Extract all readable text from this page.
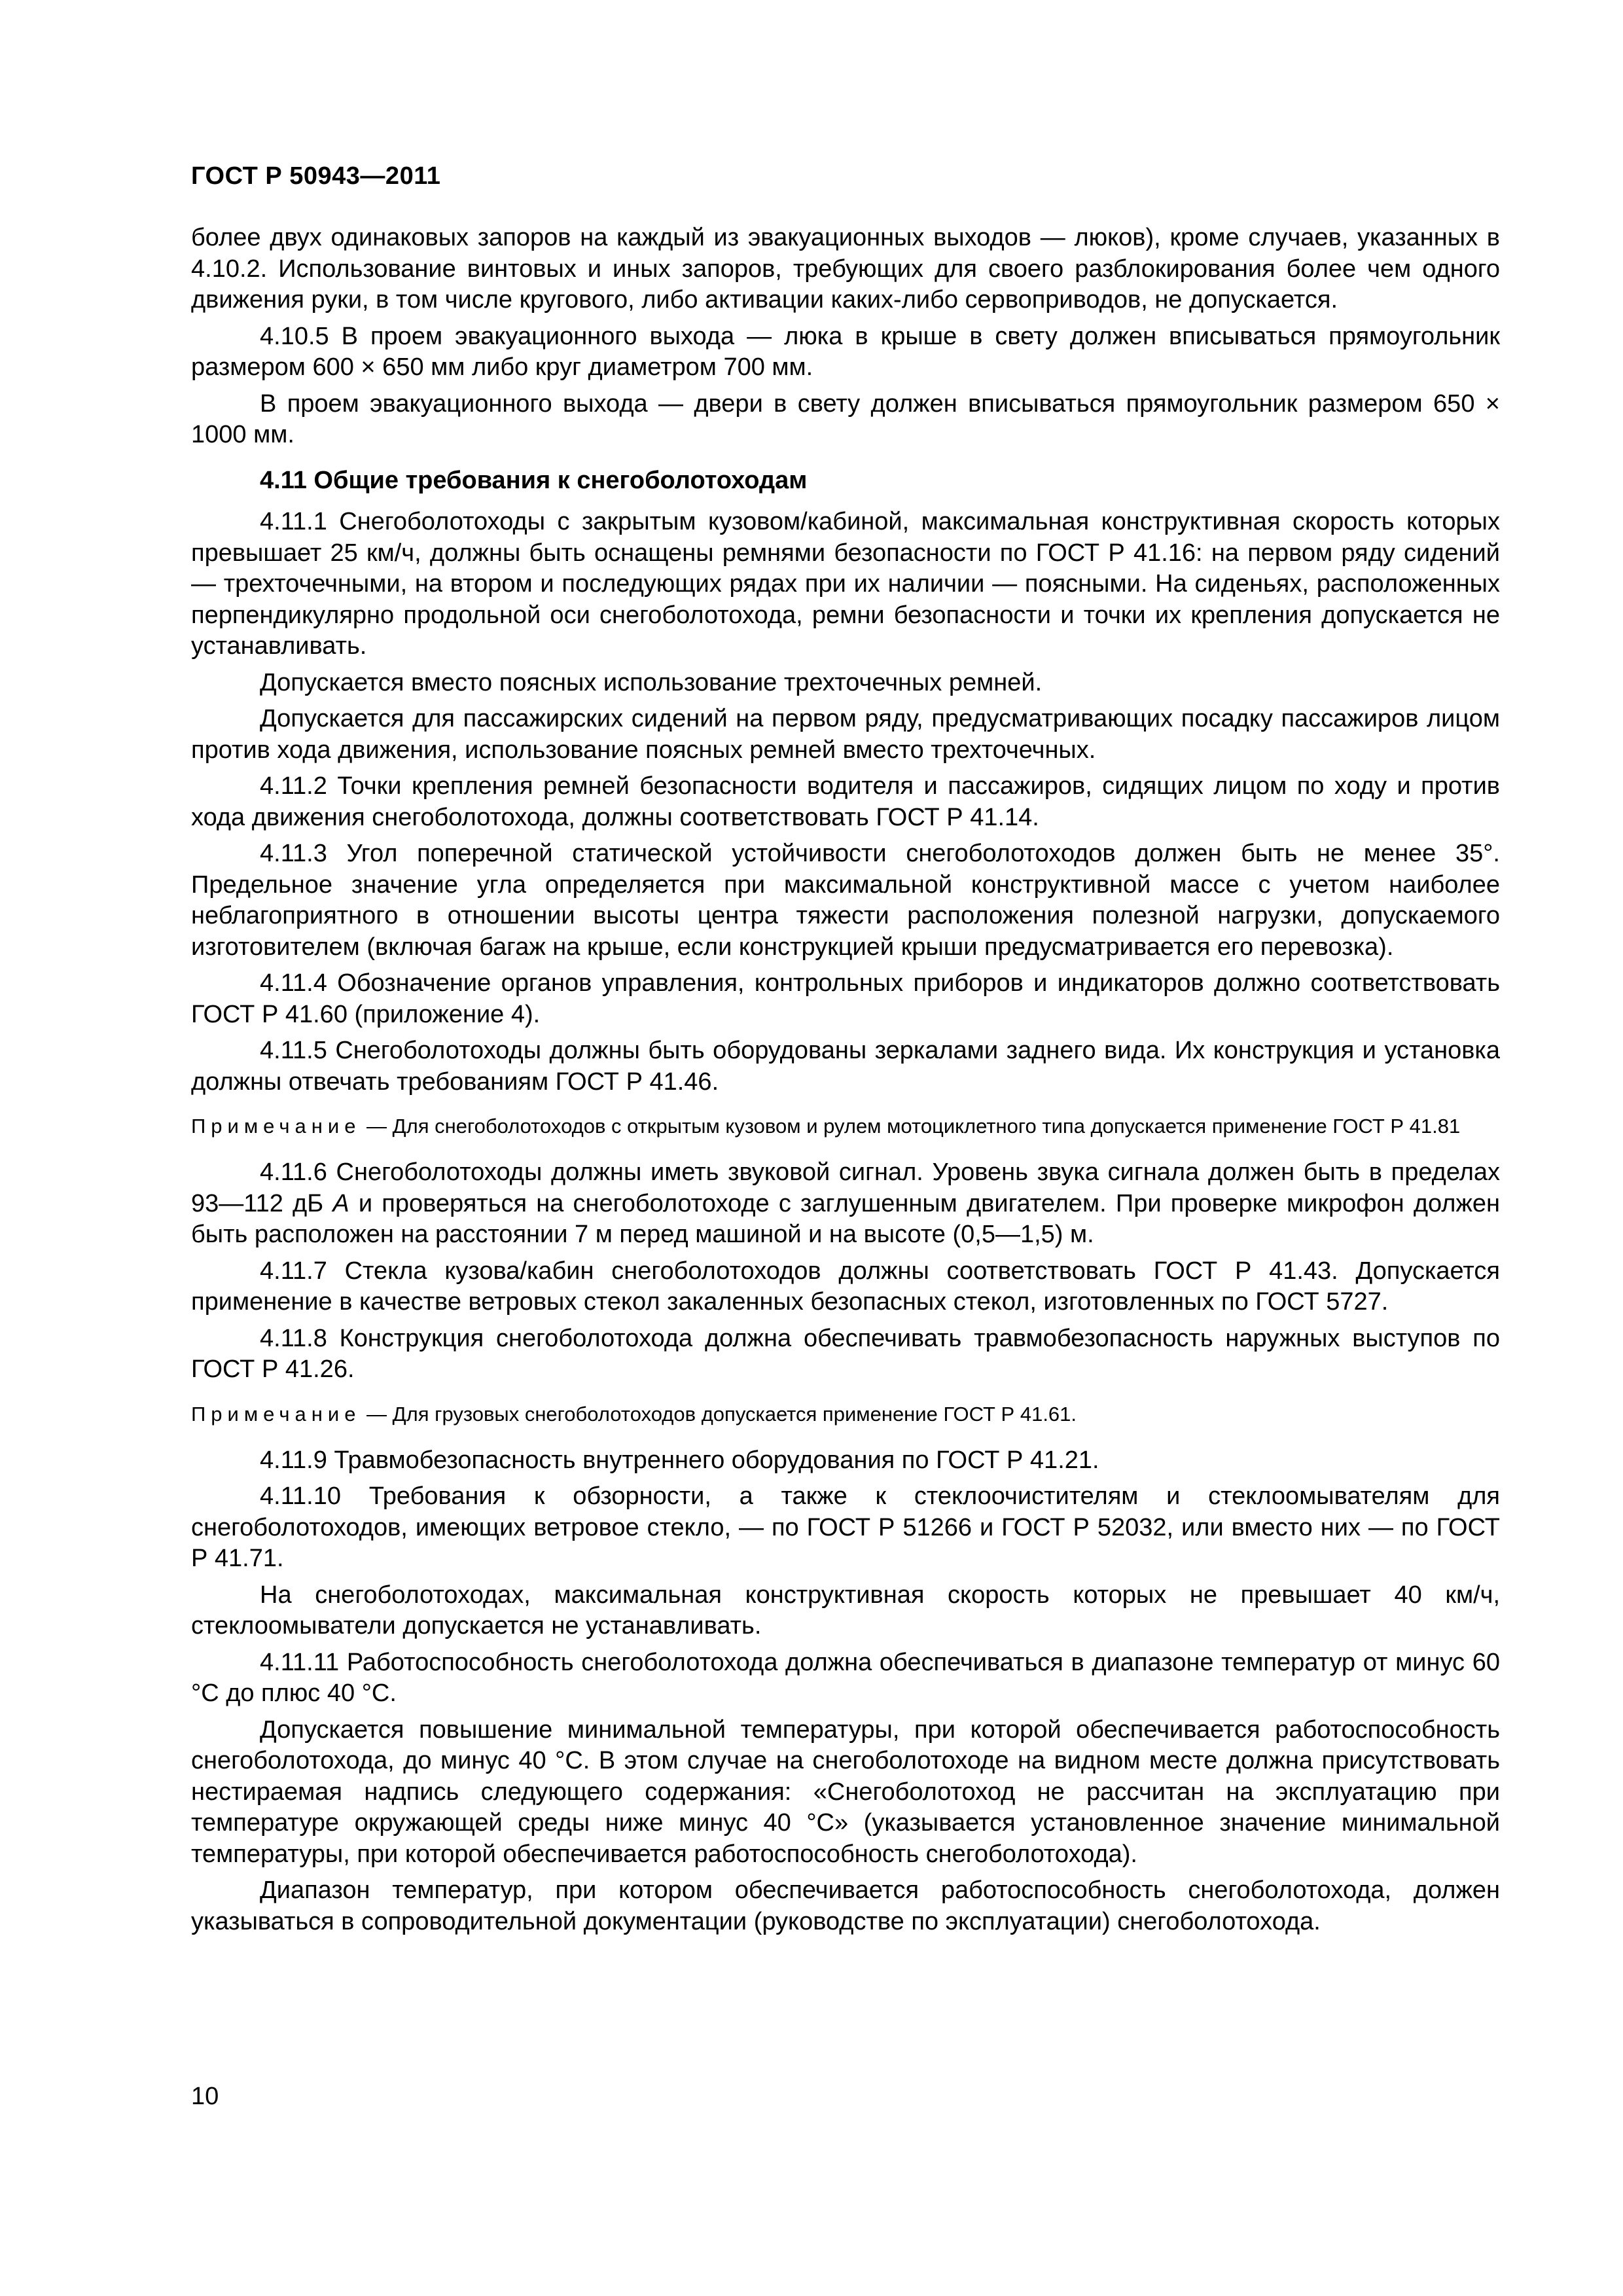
ГОСТ Р 50943—2011

более двух одинаковых запоров на каждый из эвакуационных выходов — люков), кроме случаев, указанных в 4.10.2. Использование винтовых и иных запоров, требующих для своего разблокирования более чем одного движения руки, в том числе кругового, либо активации каких-либо сервоприводов, не допускается.

4.10.5 В проем эвакуационного выхода — люка в крыше в свету должен вписываться прямоугольник размером 600 × 650 мм либо круг диаметром 700 мм.

В проем эвакуационного выхода — двери в свету должен вписываться прямоугольник размером 650 × 1000 мм.

4.11 Общие требования к снегоболотоходам

4.11.1 Снегоболотоходы с закрытым кузовом/кабиной, максимальная конструктивная скорость которых превышает 25 км/ч, должны быть оснащены ремнями безопасности по ГОСТ Р 41.16: на первом ряду сидений — трехточечными, на втором и последующих рядах при их наличии — поясными. На сиденьях, расположенных перпендикулярно продольной оси снегоболотохода, ремни безопасности и точки их крепления допускается не устанавливать.

Допускается вместо поясных использование трехточечных ремней.

Допускается для пассажирских сидений на первом ряду, предусматривающих посадку пассажиров лицом против хода движения, использование поясных ремней вместо трехточечных.

4.11.2 Точки крепления ремней безопасности водителя и пассажиров, сидящих лицом по ходу и против хода движения снегоболотохода, должны соответствовать ГОСТ Р 41.14.

4.11.3 Угол поперечной статической устойчивости снегоболотоходов должен быть не менее 35°. Предельное значение угла определяется при максимальной конструктивной массе с учетом наиболее неблагоприятного в отношении высоты центра тяжести расположения полезной нагрузки, допускаемого изготовителем (включая багаж на крыше, если конструкцией крыши предусматривается его перевозка).

4.11.4 Обозначение органов управления, контрольных приборов и индикаторов должно соответствовать ГОСТ Р 41.60 (приложение 4).

4.11.5 Снегоболотоходы должны быть оборудованы зеркалами заднего вида. Их конструкция и установка должны отвечать требованиям ГОСТ Р 41.46.

Примечание — Для снегоболотоходов с открытым кузовом и рулем мотоциклетного типа допускается применение ГОСТ Р 41.81

4.11.6 Снегоболотоходы должны иметь звуковой сигнал. Уровень звука сигнала должен быть в пределах 93—112 дБ А и проверяться на снегоболотоходе с заглушенным двигателем. При проверке микрофон должен быть расположен на расстоянии 7 м перед машиной и на высоте (0,5—1,5) м.

4.11.7 Стекла кузова/кабин снегоболотоходов должны соответствовать ГОСТ Р 41.43. Допускается применение в качестве ветровых стекол закаленных безопасных стекол, изготовленных по ГОСТ 5727.

4.11.8 Конструкция снегоболотохода должна обеспечивать травмобезопасность наружных выступов по ГОСТ Р 41.26.

Примечание — Для грузовых снегоболотоходов допускается применение ГОСТ Р 41.61.

4.11.9 Травмобезопасность внутреннего оборудования по ГОСТ Р 41.21.

4.11.10 Требования к обзорности, а также к стеклоочистителям и стеклоомывателям для снегоболотоходов, имеющих ветровое стекло, — по ГОСТ Р 51266 и ГОСТ Р 52032, или вместо них — по ГОСТ Р 41.71.

На снегоболотоходах, максимальная конструктивная скорость которых не превышает 40 км/ч, стеклоомыватели допускается не устанавливать.

4.11.11 Работоспособность снегоболотохода должна обеспечиваться в диапазоне температур от минус 60 °С до плюс 40 °С.

Допускается повышение минимальной температуры, при которой обеспечивается работоспособность снегоболотохода, до минус 40 °С. В этом случае на снегоболотоходе на видном месте должна присутствовать нестираемая надпись следующего содержания: «Снегоболотоход не рассчитан на эксплуатацию при температуре окружающей среды ниже минус 40 °С» (указывается установленное значение минимальной температуры, при которой обеспечивается работоспособность снегоболотохода).

Диапазон температур, при котором обеспечивается работоспособность снегоболотохода, должен указываться в сопроводительной документации (руководстве по эксплуатации) снегоболотохода.

10
